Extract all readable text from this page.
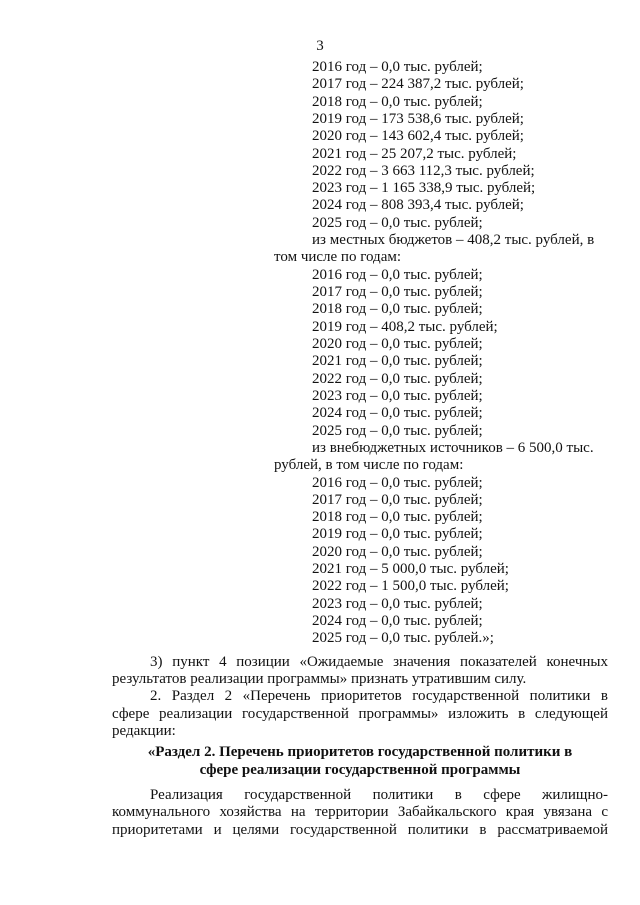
3
2016 год – 0,0 тыс. рублей;
2017 год – 224 387,2 тыс. рублей;
2018 год – 0,0 тыс. рублей;
2019 год – 173 538,6 тыс. рублей;
2020 год – 143 602,4 тыс. рублей;
2021 год – 25 207,2 тыс. рублей;
2022 год – 3 663 112,3 тыс. рублей;
2023 год – 1 165 338,9 тыс. рублей;
2024 год – 808 393,4 тыс. рублей;
2025 год – 0,0 тыс. рублей;
из местных бюджетов – 408,2 тыс. рублей, в
том числе по годам:
2016 год – 0,0 тыс. рублей;
2017 год – 0,0 тыс. рублей;
2018 год – 0,0 тыс. рублей;
2019 год – 408,2 тыс. рублей;
2020 год – 0,0 тыс. рублей;
2021 год – 0,0 тыс. рублей;
2022 год – 0,0 тыс. рублей;
2023 год – 0,0 тыс. рублей;
2024 год – 0,0 тыс. рублей;
2025 год – 0,0 тыс. рублей;
из внебюджетных источников – 6 500,0 тыс.
рублей, в том числе по годам:
2016 год – 0,0 тыс. рублей;
2017 год – 0,0 тыс. рублей;
2018 год – 0,0 тыс. рублей;
2019 год – 0,0 тыс. рублей;
2020 год – 0,0 тыс. рублей;
2021 год – 5 000,0 тыс. рублей;
2022 год – 1 500,0 тыс. рублей;
2023 год – 0,0 тыс. рублей;
2024 год – 0,0 тыс. рублей;
2025 год – 0,0 тыс. рублей.»;
3) пункт 4 позиции «Ожидаемые значения показателей конечных
результатов реализации программы» признать утратившим силу.
2. Раздел 2 «Перечень приоритетов государственной политики в
сфере реализации государственной программы» изложить в следующей
редакции:
«Раздел 2. Перечень приоритетов государственной политики в
сфере реализации государственной программы
Реализация государственной политики в сфере жилищно-
коммунального хозяйства на территории Забайкальского края увязана с
приоритетами и целями государственной политики в рассматриваемой
